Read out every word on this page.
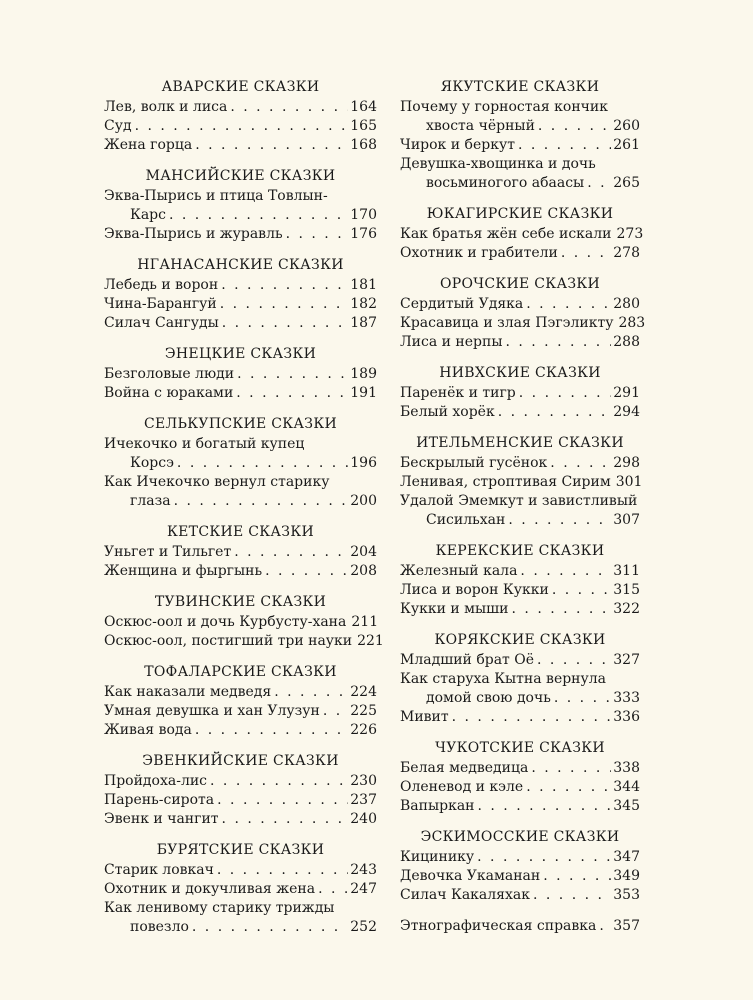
АВАРСКИЕ СКАЗКИ
Лев, волк и лиса . . .	164
Суд . . .	165
Жена горца . . .	168
МАНСИЙСКИЕ СКАЗКИ
Эква-Пырись и птица Товлын-
Карс . . .	170
Эква-Пырись и журавль . . .	176
НГАНАСАНСКИЕ СКАЗКИ
Лебедь и ворон . . .	181
Чина-Барангуй . . .	182
Силач Сангуды . . .	187
ЭНЕЦКИЕ СКАЗКИ
Безголовые люди . . .	189
Война с юраками . . .	191
СЕЛЬКУПСКИЕ СКАЗКИ
Ичекочко и богатый купец
Корсэ . . .	196
Как Ичекочко вернул старику
глаза . . .	200
КЕТСКИЕ СКАЗКИ
Уньгет и Тильгет . . .	204
Женщина и фыргынь . . .	208
ТУВИНСКИЕ СКАЗКИ
Оскюс-оол и дочь Курбусту-хана 211
Оскюс-оол, постигший три науки 221
ТОФАЛАРСКИЕ СКАЗКИ
Как наказали медведя . . .	224
Умная девушка и хан Улузун . . . 225
Живая вода . . .	226
ЭВЕНКИЙСКИЕ СКАЗКИ
Пройдоха-лис . . .	230
Парень-сирота . . .	237
Эвенк и чангит . . .	240
БУРЯТСКИЕ СКАЗКИ
Старик ловкач . . .	243
Охотник и докучливая жена . . .	247
Как ленивому старику трижды
повезло . . .	252
ЯКУТСКИЕ СКАЗКИ
Почему у горностая кончик
хвоста чёрный . . .	260
Чирок и беркут . . .	261
Девушка-хвощинка и дочь
восьминогого абаасы . . . 265
ЮКАГИРСКИЕ СКАЗКИ
Как братья жён себе искали 273
Охотник и грабители . . .	278
ОРОЧСКИЕ СКАЗКИ
Сердитый Удяка . . .	280
Красавица и злая Пэгэликту 283
Лиса и нерпы . . .	288
НИВХСКИЕ СКАЗКИ
Паренёк и тигр . . .	291
Белый хорёк . . .	294
ИТЕЛЬМЕНСКИЕ СКАЗКИ
Бескрылый гусёнок . . .	298
Ленивая, строптивая Сирим 301
Удалой Эмемкут и завистливый
Сисильхан . . .	307
КЕРЕКСКИЕ СКАЗКИ
Железный кала . . .	311
Лиса и ворон Кукки . . .	315
Кукки и мыши . . .	322
КОРЯКСКИЕ СКАЗКИ
Младший брат Оё . . .	327
Как старуха Кытна вернула
домой свою дочь . . .	333
Мивит . . .	336
ЧУКОТСКИЕ СКАЗКИ
Белая медведица . . .	338
Оленевод и кэле . . .	344
Вапыркан . . .	345
ЭСКИМОССКИЕ СКАЗКИ
Кицинику . . .	347
Девочка Укаманан . . .	349
Силач Какаляхак . . .	353
Этнографическая справка . . . 357
